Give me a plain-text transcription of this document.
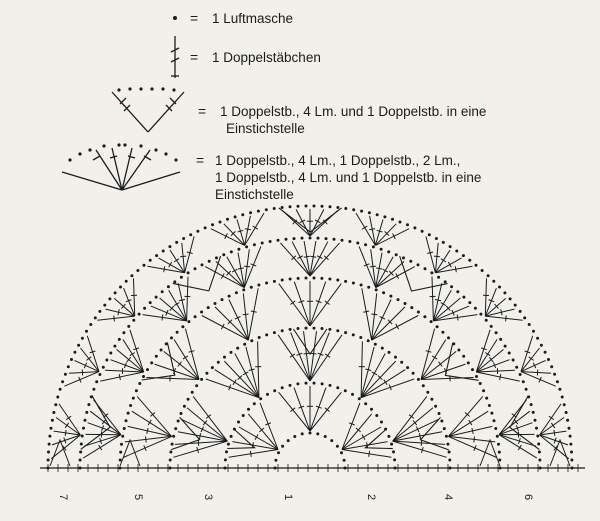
7	5	3	1	2	4	6
= 1 Luftmasche
= 1 Doppelstäbchen
= 1 Doppelstb., 4 Lm. und 1 Doppelstb. in eine
Einstichstelle
= 1 Doppelstb., 4 Lm., 1 Doppelstb., 2 Lm.,
1 Doppelstb., 4 Lm. und 1 Doppelstb. in eine
Einstichstelle
